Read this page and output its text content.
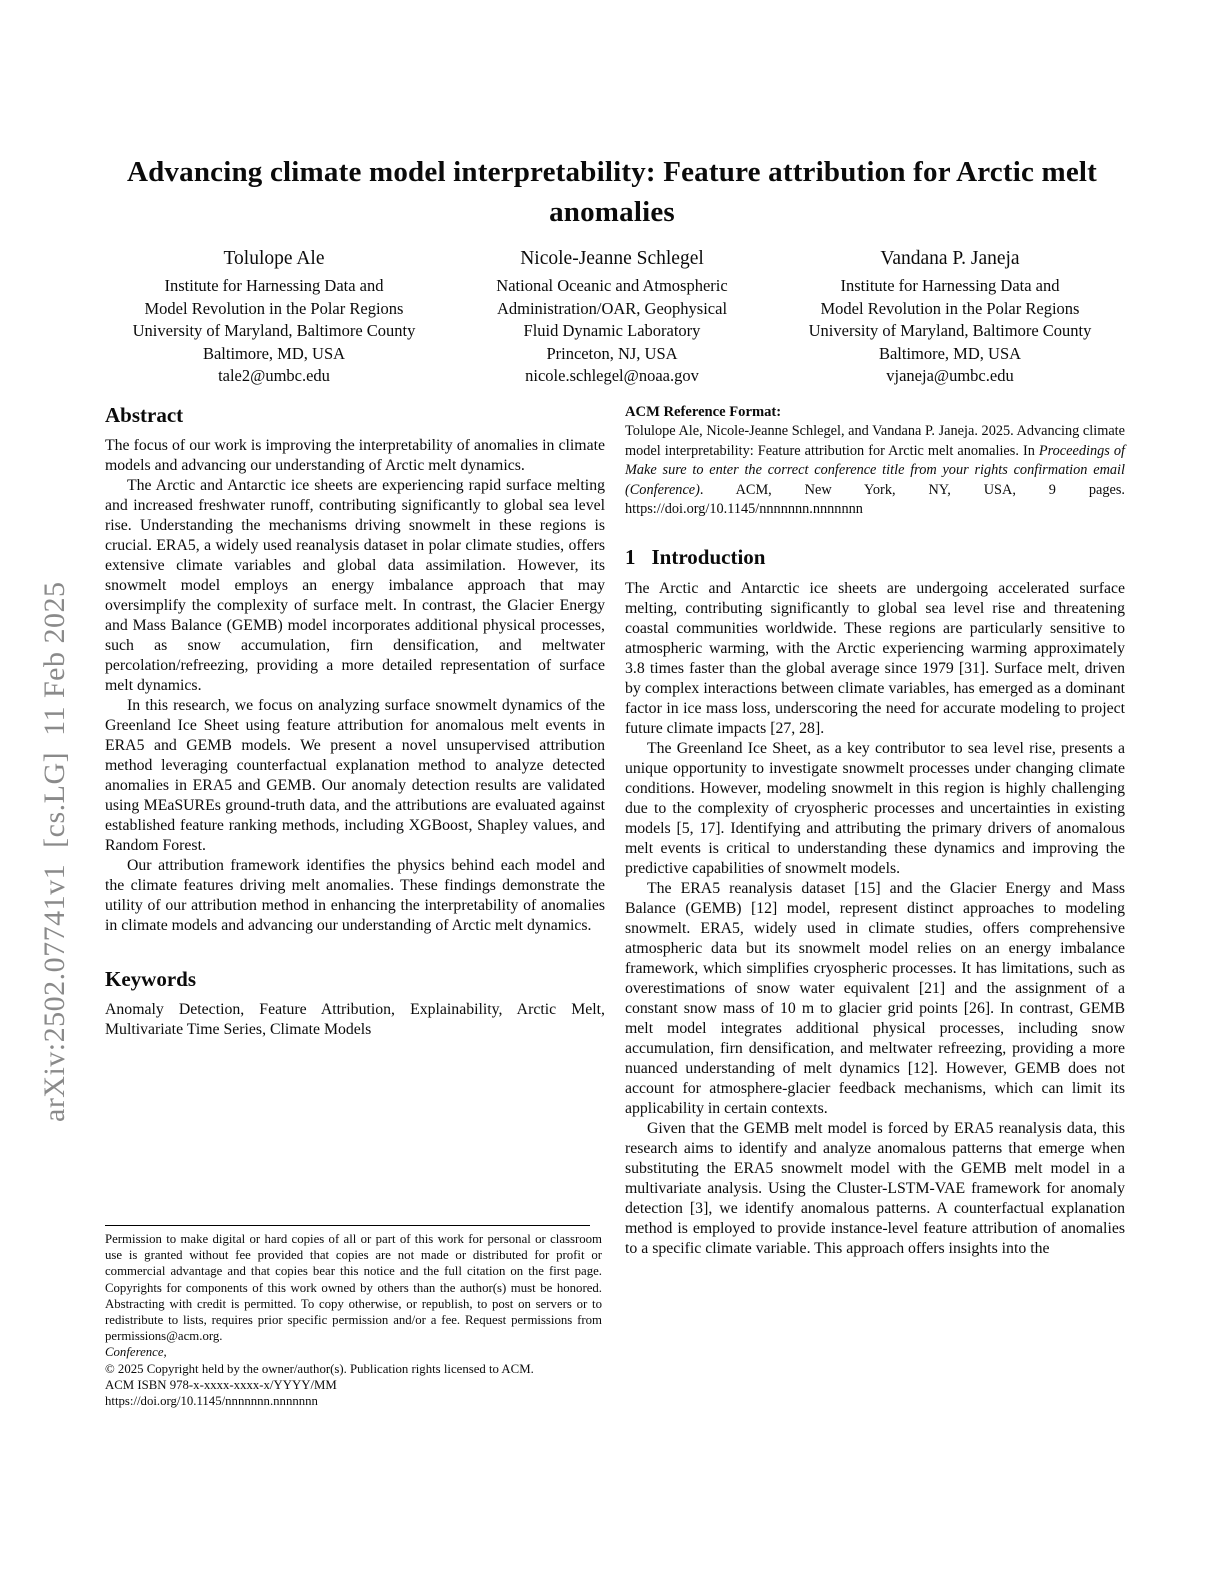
arXiv:2502.07741v1  [cs.LG]  11 Feb 2025
Advancing climate model interpretability: Feature attribution for Arctic melt anomalies
Tolulope Ale
Institute for Harnessing Data and
Model Revolution in the Polar Regions
University of Maryland, Baltimore County
Baltimore, MD, USA
tale2@umbc.edu
Nicole-Jeanne Schlegel
National Oceanic and Atmospheric
Administration/OAR, Geophysical
Fluid Dynamic Laboratory
Princeton, NJ, USA
nicole.schlegel@noaa.gov
Vandana P. Janeja
Institute for Harnessing Data and
Model Revolution in the Polar Regions
University of Maryland, Baltimore County
Baltimore, MD, USA
vjaneja@umbc.edu
Abstract

The focus of our work is improving the interpretability of anomalies in climate models and advancing our understanding of Arctic melt dynamics.

The Arctic and Antarctic ice sheets are experiencing rapid surface melting and increased freshwater runoff, contributing significantly to global sea level rise. Understanding the mechanisms driving snowmelt in these regions is crucial. ERA5, a widely used reanalysis dataset in polar climate studies, offers extensive climate variables and global data assimilation. However, its snowmelt model employs an energy imbalance approach that may oversimplify the complexity of surface melt. In contrast, the Glacier Energy and Mass Balance (GEMB) model incorporates additional physical processes, such as snow accumulation, firn densification, and meltwater percolation/refreezing, providing a more detailed representation of surface melt dynamics.

In this research, we focus on analyzing surface snowmelt dynamics of the Greenland Ice Sheet using feature attribution for anomalous melt events in ERA5 and GEMB models. We present a novel unsupervised attribution method leveraging counterfactual explanation method to analyze detected anomalies in ERA5 and GEMB. Our anomaly detection results are validated using MEaSUREs ground-truth data, and the attributions are evaluated against established feature ranking methods, including XGBoost, Shapley values, and Random Forest.

Our attribution framework identifies the physics behind each model and the climate features driving melt anomalies. These findings demonstrate the utility of our attribution method in enhancing the interpretability of anomalies in climate models and advancing our understanding of Arctic melt dynamics.

Keywords

Anomaly Detection, Feature Attribution, Explainability, Arctic Melt, Multivariate Time Series, Climate Models

ACM Reference Format:
Tolulope Ale, Nicole-Jeanne Schlegel, and Vandana P. Janeja. 2025. Advancing climate model interpretability: Feature attribution for Arctic melt anomalies. In Proceedings of Make sure to enter the correct conference title from your rights confirmation email (Conference). ACM, New York, NY, USA, 9 pages. https://doi.org/10.1145/nnnnnnn.nnnnnnn
1 Introduction

The Arctic and Antarctic ice sheets are undergoing accelerated surface melting, contributing significantly to global sea level rise and threatening coastal communities worldwide. These regions are particularly sensitive to atmospheric warming, with the Arctic experiencing warming approximately 3.8 times faster than the global average since 1979 [31]. Surface melt, driven by complex interactions between climate variables, has emerged as a dominant factor in ice mass loss, underscoring the need for accurate modeling to project future climate impacts [27, 28].

The Greenland Ice Sheet, as a key contributor to sea level rise, presents a unique opportunity to investigate snowmelt processes under changing climate conditions. However, modeling snowmelt in this region is highly challenging due to the complexity of cryospheric processes and uncertainties in existing models [5, 17]. Identifying and attributing the primary drivers of anomalous melt events is critical to understanding these dynamics and improving the predictive capabilities of snowmelt models.

The ERA5 reanalysis dataset [15] and the Glacier Energy and Mass Balance (GEMB) [12] model, represent distinct approaches to modeling snowmelt. ERA5, widely used in climate studies, offers comprehensive atmospheric data but its snowmelt model relies on an energy imbalance framework, which simplifies cryospheric processes. It has limitations, such as overestimations of snow water equivalent [21] and the assignment of a constant snow mass of 10 m to glacier grid points [26]. In contrast, GEMB melt model integrates additional physical processes, including snow accumulation, firn densification, and meltwater refreezing, providing a more nuanced understanding of melt dynamics [12]. However, GEMB does not account for atmosphere-glacier feedback mechanisms, which can limit its applicability in certain contexts.

Given that the GEMB melt model is forced by ERA5 reanalysis data, this research aims to identify and analyze anomalous patterns that emerge when substituting the ERA5 snowmelt model with the GEMB melt model in a multivariate analysis. Using the Cluster-LSTM-VAE framework for anomaly detection [3], we identify anomalous patterns. A counterfactual explanation method is employed to provide instance-level feature attribution of anomalies to a specific climate variable. This approach offers insights into the

Permission to make digital or hard copies of all or part of this work for personal or classroom use is granted without fee provided that copies are not made or distributed for profit or commercial advantage and that copies bear this notice and the full citation on the first page. Copyrights for components of this work owned by others than the author(s) must be honored. Abstracting with credit is permitted. To copy otherwise, or republish, to post on servers or to redistribute to lists, requires prior specific permission and/or a fee. Request permissions from permissions@acm.org.
Conference,
© 2025 Copyright held by the owner/author(s). Publication rights licensed to ACM.
ACM ISBN 978-x-xxxx-xxxx-x/YYYY/MM
https://doi.org/10.1145/nnnnnnn.nnnnnnn
